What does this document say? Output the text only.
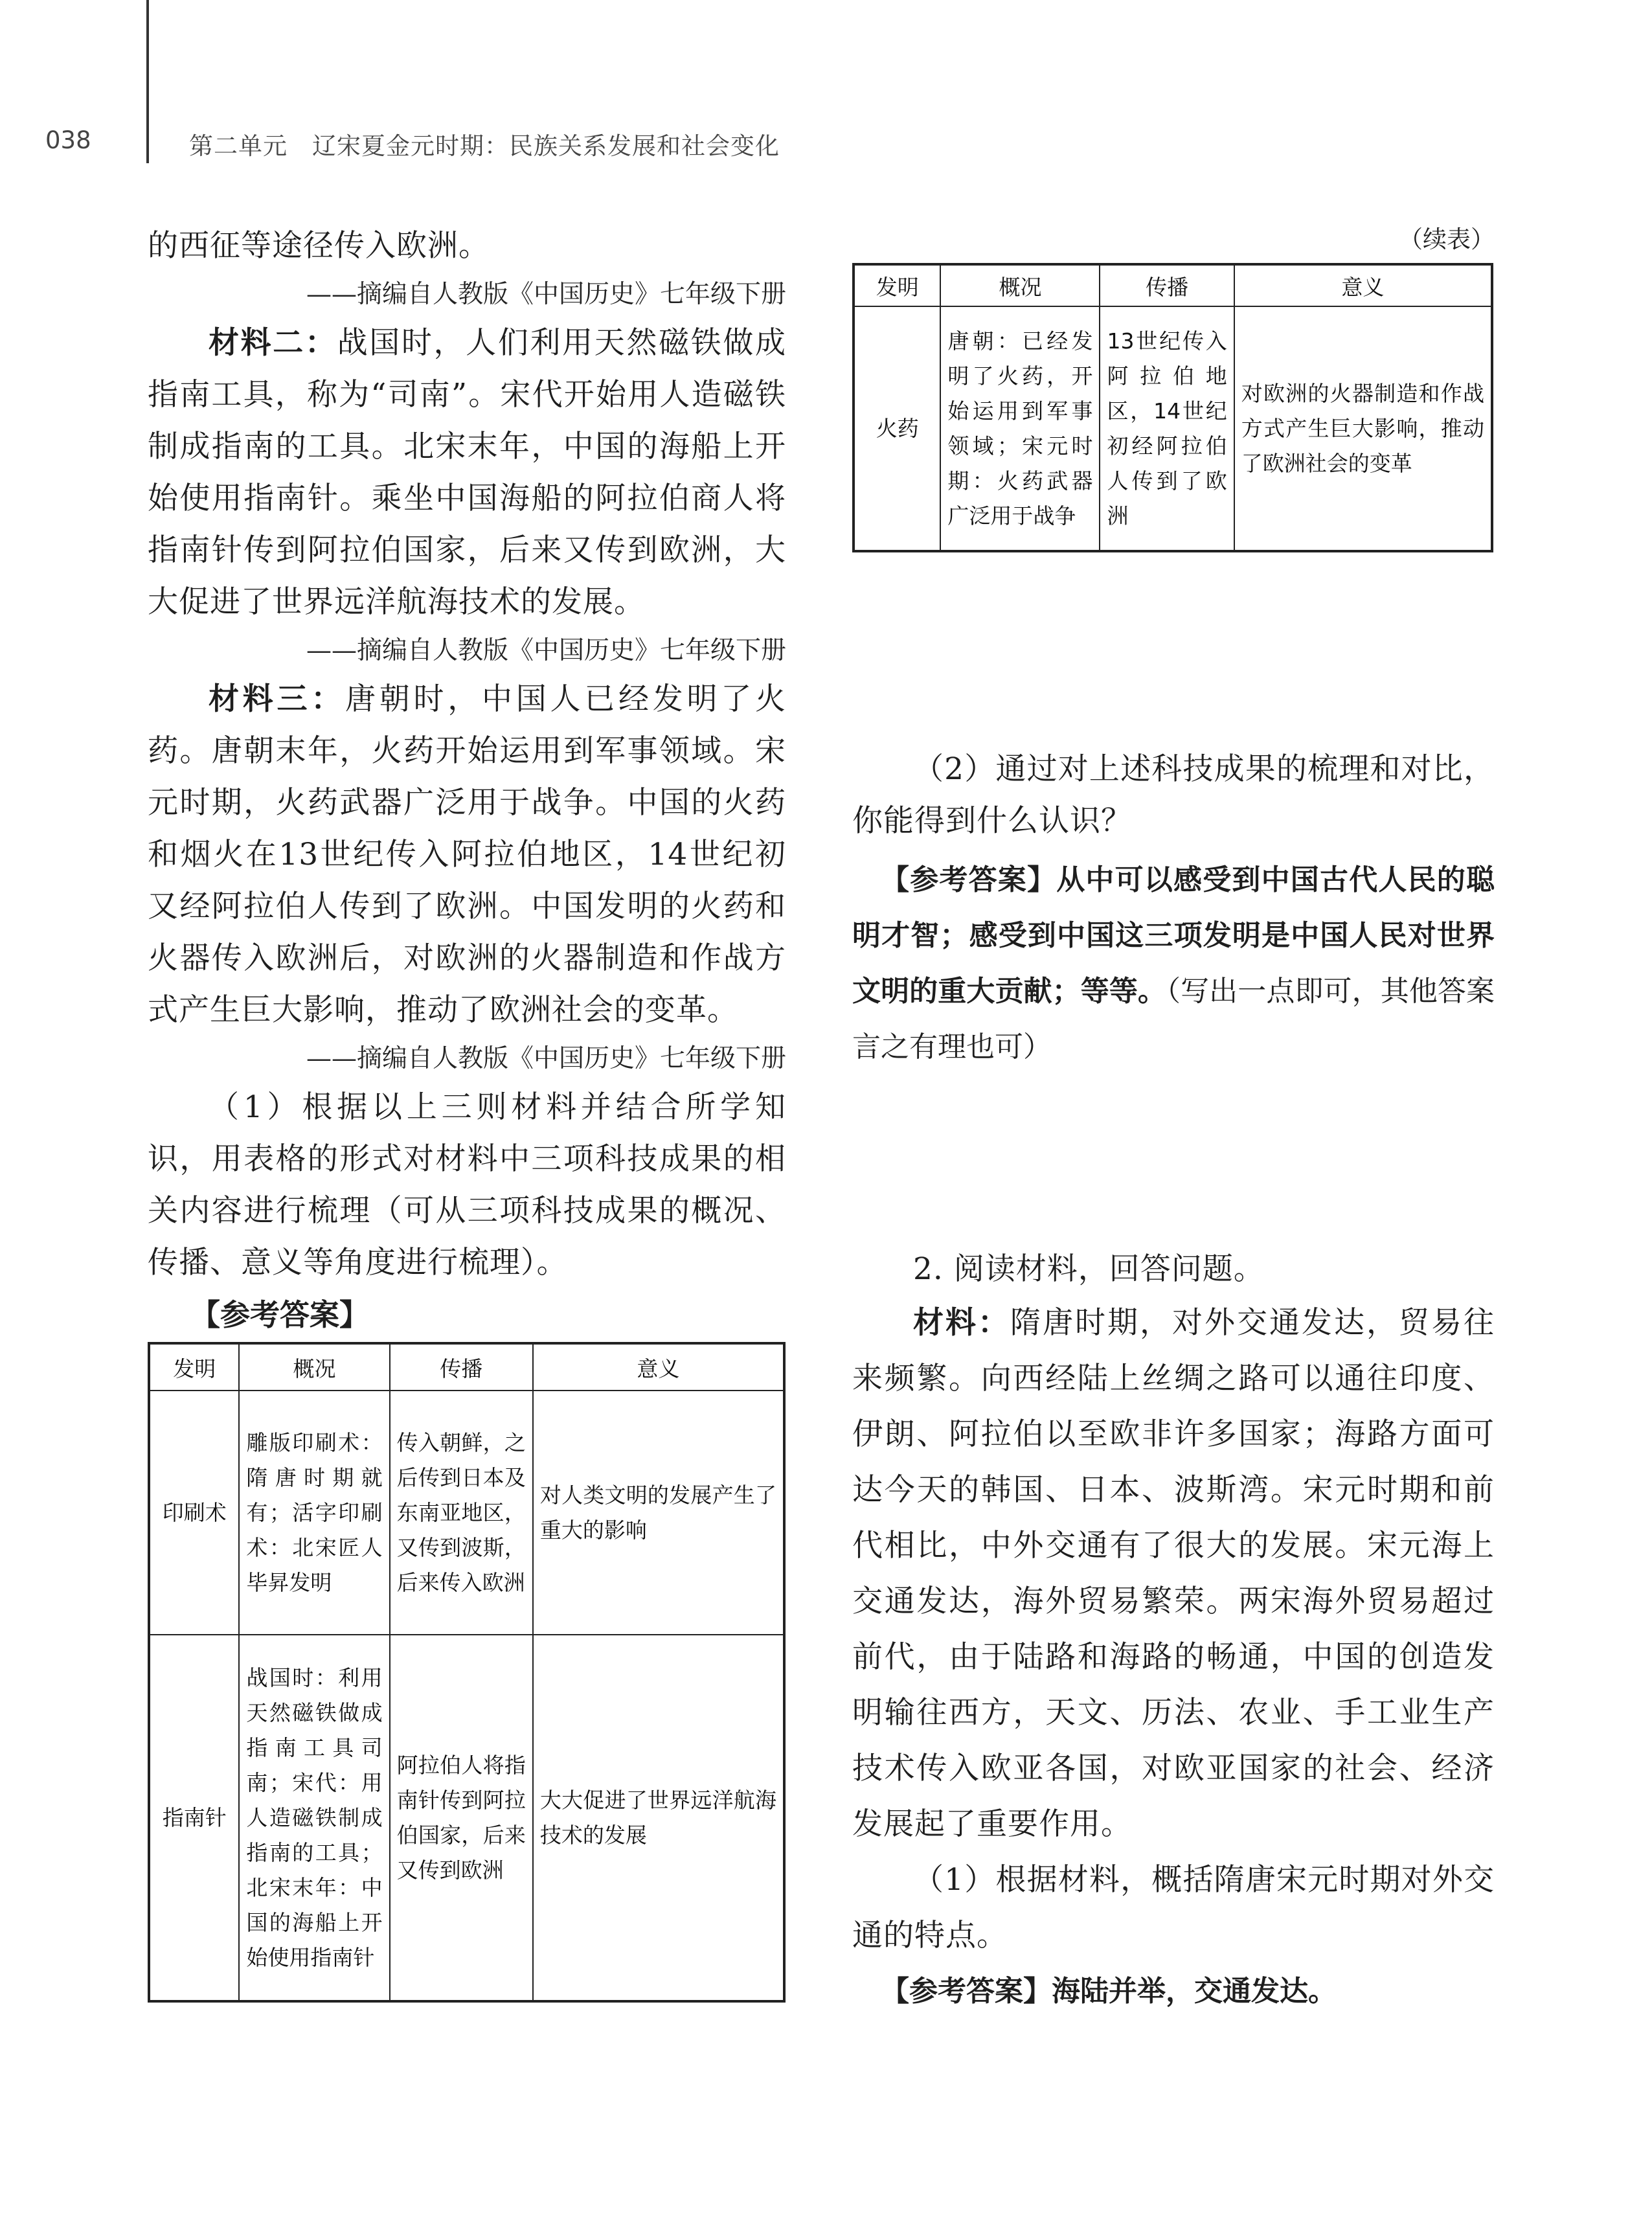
038	第二单元　辽宋夏金元时期：民族关系发展和社会变化

的西征等途径传入欧洲。

——摘编自人教版《中国历史》七年级下册

材料二：战国时，人们利用天然磁铁做成指南工具，称为“司南”。宋代开始用人造磁铁制成指南的工具。北宋末年，中国的海船上开始使用指南针。乘坐中国海船的阿拉伯商人将指南针传到阿拉伯国家，后来又传到欧洲，大大促进了世界远洋航海技术的发展。

——摘编自人教版《中国历史》七年级下册

材料三：唐朝时，中国人已经发明了火药。唐朝末年，火药开始运用到军事领域。宋元时期，火药武器广泛用于战争。中国的火药和烟火在13世纪传入阿拉伯地区，14世纪初又经阿拉伯人传到了欧洲。中国发明的火药和火器传入欧洲后，对欧洲的火器制造和作战方式产生巨大影响，推动了欧洲社会的变革。

——摘编自人教版《中国历史》七年级下册

（1）根据以上三则材料并结合所学知识，用表格的形式对材料中三项科技成果的相关内容进行梳理（可从三项科技成果的概况、传播、意义等角度进行梳理）。

【参考答案】

发明	概况	传播	意义
印刷术	雕版印刷术：隋唐时期就有；活字印刷术：北宋匠人毕昇发明	传入朝鲜，之后传到日本及东南亚地区，又传到波斯，后来传入欧洲	对人类文明的发展产生了重大的影响
指南针	战国时：利用天然磁铁做成指南工具司南；宋代：用人造磁铁制成指南的工具；北宋末年：中国的海船上开始使用指南针	阿拉伯人将指南针传到阿拉伯国家，后来又传到欧洲	大大促进了世界远洋航海技术的发展

（续表）

发明	概况	传播	意义
火药	唐朝：已经发明了火药，开始运用到军事领域；宋元时期：火药武器广泛用于战争	13世纪传入阿拉伯地区，14世纪初经阿拉伯人传到了欧洲	对欧洲的火器制造和作战方式产生巨大影响，推动了欧洲社会的变革

（2）通过对上述科技成果的梳理和对比，你能得到什么认识？

【参考答案】从中可以感受到中国古代人民的聪明才智；感受到中国这三项发明是中国人民对世界文明的重大贡献；等等。（写出一点即可，其他答案言之有理也可）

2. 阅读材料，回答问题。

材料：隋唐时期，对外交通发达，贸易往来频繁。向西经陆上丝绸之路可以通往印度、伊朗、阿拉伯以至欧非许多国家；海路方面可达今天的韩国、日本、波斯湾。宋元时期和前代相比，中外交通有了很大的发展。宋元海上交通发达，海外贸易繁荣。两宋海外贸易超过前代，由于陆路和海路的畅通，中国的创造发明输往西方，天文、历法、农业、手工业生产技术传入欧亚各国，对欧亚国家的社会、经济发展起了重要作用。

（1）根据材料，概括隋唐宋元时期对外交通的特点。

【参考答案】海陆并举，交通发达。
